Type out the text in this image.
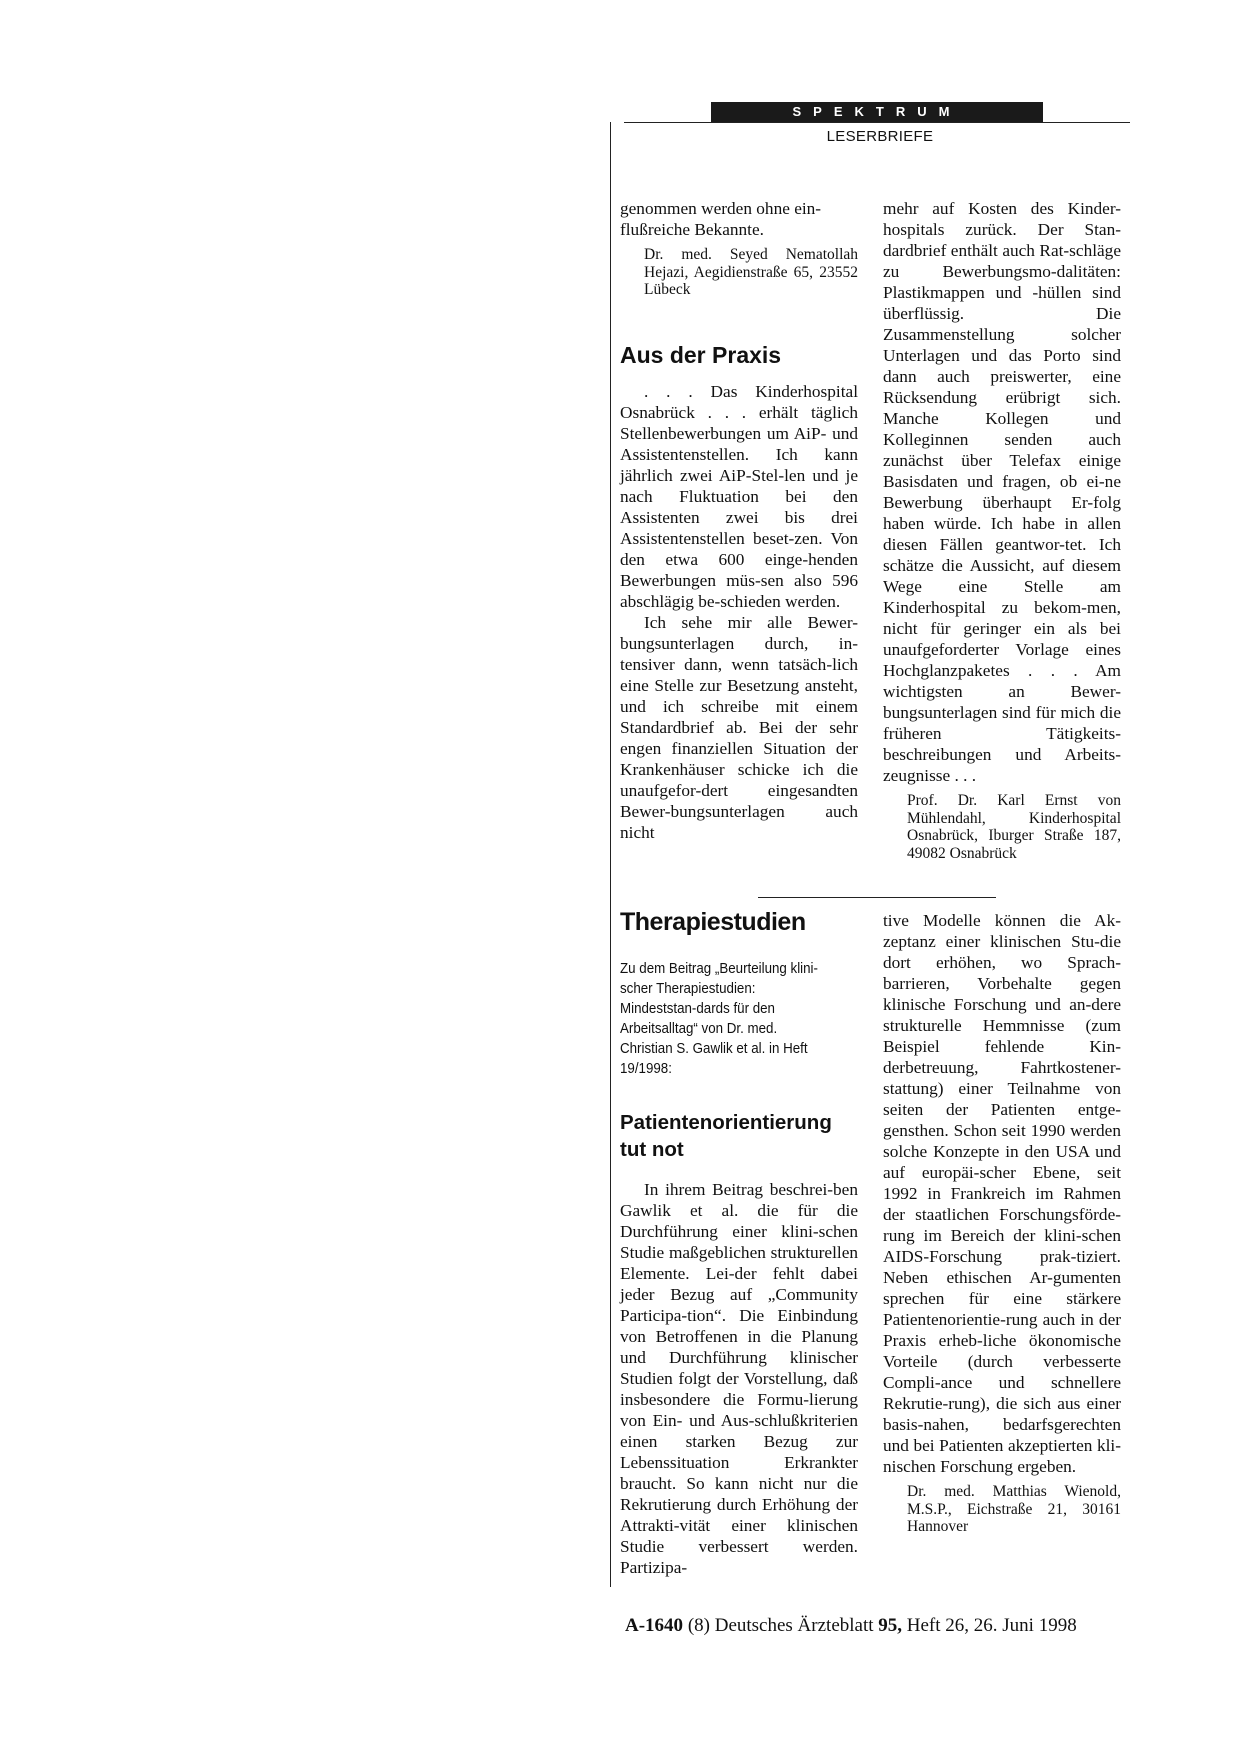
SPEKTRUM
LESERBRIEFE

genommen werden ohne ein-flußreiche Bekannte.

Dr. med. Seyed Nematollah Hejazi, Aegidienstraße 65, 23552 Lübeck

Aus der Praxis

. . . Das Kinderhospital Osnabrück . . . erhält täglich Stellenbewerbungen um AiP- und Assistentenstellen. Ich kann jährlich zwei AiP-Stel-len und je nach Fluktuation bei den Assistenten zwei bis drei Assistentenstellen beset-zen. Von den etwa 600 einge-henden Bewerbungen müs-sen also 596 abschlägig be-schieden werden.

Ich sehe mir alle Bewer-bungsunterlagen durch, in-tensiver dann, wenn tatsäch-lich eine Stelle zur Besetzung ansteht, und ich schreibe mit einem Standardbrief ab. Bei der sehr engen finanziellen Situation der Krankenhäuser schicke ich die unaufgefor-dert eingesandten Bewer-bungsunterlagen auch nicht

mehr auf Kosten des Kinder-hospitals zurück. Der Stan-dardbrief enthält auch Rat-schläge zu Bewerbungsmo-dalitäten: Plastikmappen und -hüllen sind überflüssig. Die Zusammenstellung solcher Unterlagen und das Porto sind dann auch preiswerter, eine Rücksendung erübrigt sich. Manche Kollegen und Kolleginnen senden auch zunächst über Telefax einige Basisdaten und fragen, ob ei-ne Bewerbung überhaupt Er-folg haben würde. Ich habe in allen diesen Fällen geantwor-tet. Ich schätze die Aussicht, auf diesem Wege eine Stelle am Kinderhospital zu bekom-men, nicht für geringer ein als bei unaufgeforderter Vorlage eines Hochglanzpaketes . . . Am wichtigsten an Bewer-bungsunterlagen sind für mich die früheren Tätigkeits-beschreibungen und Arbeits-zeugnisse . . .

Prof. Dr. Karl Ernst von Mühlendahl, Kinderhospital Osnabrück, Iburger Straße 187, 49082 Osnabrück

Therapiestudien
Zu dem Beitrag „Beurteilung klini-scher Therapiestudien: Mindeststan-dards für den Arbeitsalltag“ von Dr. med. Christian S. Gawlik et al. in Heft 19/1998:
Patientenorientierung tut not

In ihrem Beitrag beschrei-ben Gawlik et al. die für die Durchführung einer klini-schen Studie maßgeblichen strukturellen Elemente. Lei-der fehlt dabei jeder Bezug auf „Community Participa-tion“. Die Einbindung von Betroffenen in die Planung und Durchführung klinischer Studien folgt der Vorstellung, daß insbesondere die Formu-lierung von Ein- und Aus-schlußkriterien einen starken Bezug zur Lebenssituation Erkrankter braucht. So kann nicht nur die Rekrutierung durch Erhöhung der Attrakti-vität einer klinischen Studie verbessert werden. Partizipa-

tive Modelle können die Ak-zeptanz einer klinischen Stu-die dort erhöhen, wo Sprach-barrieren, Vorbehalte gegen klinische Forschung und an-dere strukturelle Hemmnisse (zum Beispiel fehlende Kin-derbetreuung, Fahrtkostener-stattung) einer Teilnahme von seiten der Patienten entge-gensthen. Schon seit 1990 werden solche Konzepte in den USA und auf europäi-scher Ebene, seit 1992 in Frankreich im Rahmen der staatlichen Forschungsförde-rung im Bereich der klini-schen AIDS-Forschung prak-tiziert. Neben ethischen Ar-gumenten sprechen für eine stärkere Patientenorientie-rung auch in der Praxis erheb-liche ökonomische Vorteile (durch verbesserte Compli-ance und schnellere Rekrutie-rung), die sich aus einer basis-nahen, bedarfsgerechten und bei Patienten akzeptierten kli-nischen Forschung ergeben.

Dr. med. Matthias Wienold, M.S.P., Eichstraße 21, 30161 Hannover

A-1640 (8) Deutsches Ärzteblatt 95, Heft 26, 26. Juni 1998
